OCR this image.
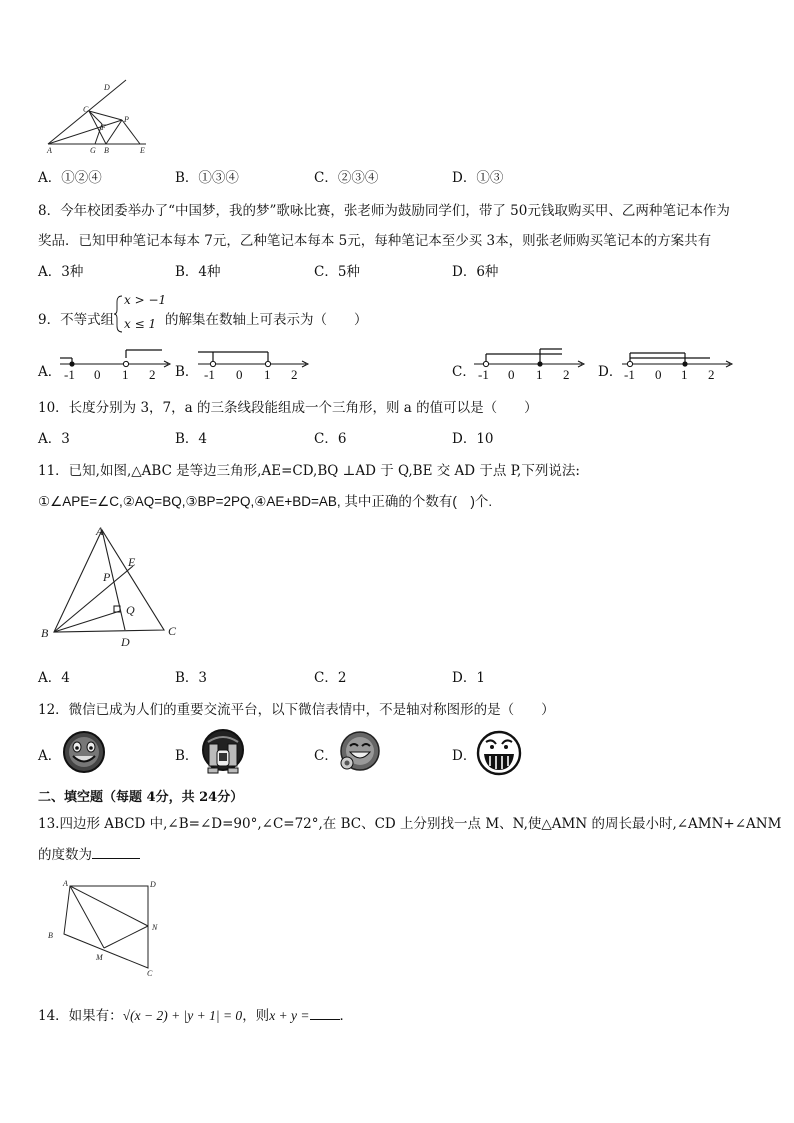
D
C
F
P
A	G B	E
A．①②④	B．①③④	C．②③④	D．①③
8．今年校团委举办了“中国梦，我的梦”歌咏比赛，张老师为鼓励同学们，带了 50元钱取购买甲、乙两种笔记本作为
奖品．已知甲种笔记本每本 7元，乙种笔记本每本 5元，每种笔记本至少买 3本，则张老师购买笔记本的方案共有
A．3种	B．4种	C．5种	D．6种
9．不等式组
x > −1
x ≤ 1 的解集在数轴上可表示为（　　）
A． -1 0 1 2 B． -1 0 1 2	C． -1 0 1 2 D． -1 0 1 2
10．长度分别为 3，7，a 的三条线段能组成一个三角形，则 a 的值可以是（　　）
A．3	B．4	C．6	D．10
11．已知,如图,△ABC 是等边三角形,AE=CD,BQ ⊥AD 于 Q,BE 交 AD 于点 P,下列说法:
①∠APE=∠C,②AQ=BQ,③BP=2PQ,④AE+BD=AB, 其中正确的个数有(　)个.
A
E
P
Q
B
D
C
A．4	B．3	C．2	D．1
12．微信已成为人们的重要交流平台，以下微信表情中，不是轴对称图形的是（　　）
A．	B．	C．	D．
二、填空题（每题 4分，共 24分）
13.四边形 ABCD 中,∠B=∠D=90°,∠C=72°,在 BC、CD 上分别找一点 M、N,使△AMN 的周长最小时,∠AMN+∠ANM
的度数为
A	D
B
N
M
C
14．如果有：√(x − 2) + |y + 1| = 0，则x + y = ．
